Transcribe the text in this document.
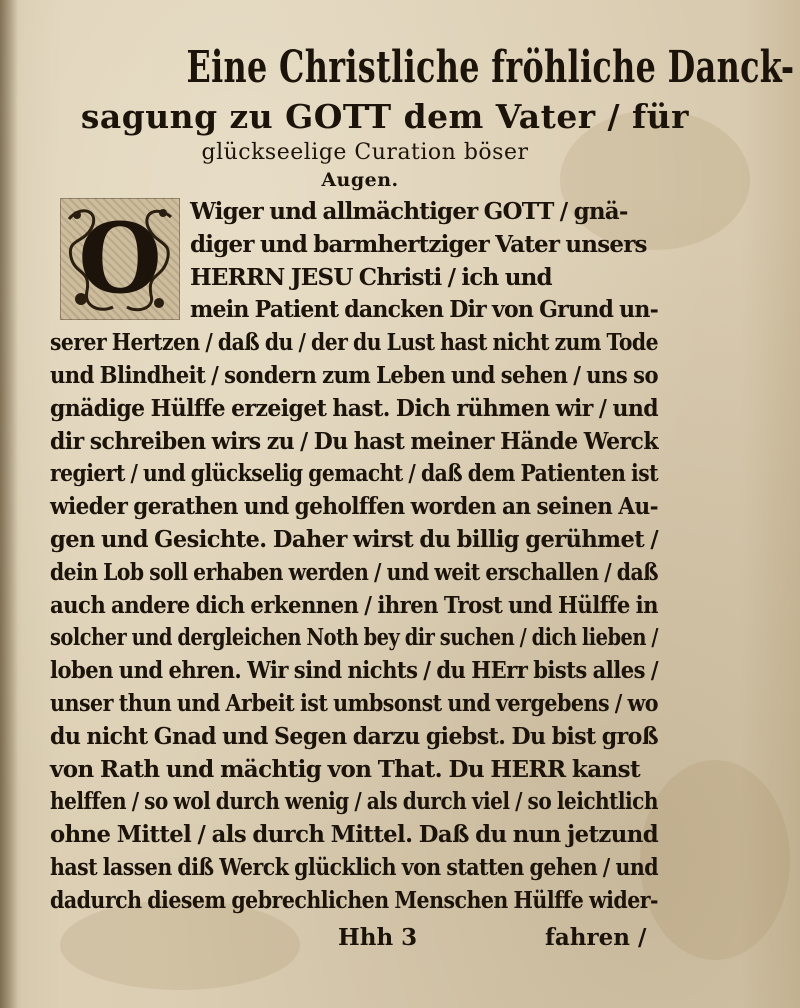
Eine Christliche fröhliche Danck-
sagung zu GOTT dem Vater / für
glückseelige Curation böser
Augen.
O	Wiger und allmächtiger GOTT / gnä-
diger und barmhertziger Vater unsers
HERRN JESU Christi / ich und
mein Patient dancken Dir von Grund un-
serer Hertzen / daß du / der du Lust hast nicht zum Tode
und Blindheit / sondern zum Leben und sehen / uns so
gnädige Hülffe erzeiget hast. Dich rühmen wir / und
dir schreiben wirs zu / Du hast meiner Hände Werck
regiert / und glückselig gemacht / daß dem Patienten ist
wieder gerathen und geholffen worden an seinen Au-
gen und Gesichte. Daher wirst du billig gerühmet /
dein Lob soll erhaben werden / und weit erschallen / daß
auch andere dich erkennen / ihren Trost und Hülffe in
solcher und dergleichen Noth bey dir suchen / dich lieben /
loben und ehren. Wir sind nichts / du HErr bists alles /
unser thun und Arbeit ist umbsonst und vergebens / wo
du nicht Gnad und Segen darzu giebst. Du bist groß
von Rath und mächtig von That. Du HERR kanst
helffen / so wol durch wenig / als durch viel / so leichtlich
ohne Mittel / als durch Mittel. Daß du nun jetzund
hast lassen diß Werck glücklich von statten gehen / und
dadurch diesem gebrechlichen Menschen Hülffe wider-
Hhh 3	fahren /
